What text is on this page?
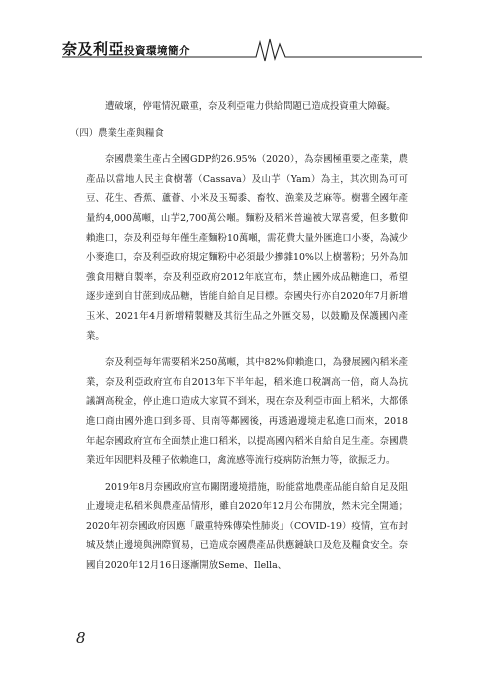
奈及利亞投資環境簡介

遭破壞，停電情況嚴重，奈及利亞電力供給問題已造成投資重大障礙。

（四）農業生產與糧食

奈國農業生產占全國GDP約26.95%（2020），為奈國極重要之產業，農產品以當地人民主食樹薯（Cassava）及山芋（Yam）為主，其次則為可可豆、花生、香蕉、蘆薈、小米及玉蜀黍、畜牧、漁業及芝麻等。樹薯全國年產量約4,000萬噸，山芋2,700萬公噸。麵粉及稻米普遍被大眾喜愛，但多數仰賴進口，奈及利亞每年僅生產麵粉10萬噸，需花費大量外匯進口小麥，為減少小麥進口，奈及利亞政府規定麵粉中必須最少摻雜10%以上樹薯粉；另外為加強食用糖自製率，奈及利亞政府2012年底宣布，禁止國外成品糖進口，希望逐步達到自甘蔗到成品糖，皆能自給自足目標。奈國央行亦自2020年7月新增玉米、2021年4月新增精製糖及其衍生品之外匯交易，以鼓勵及保護國內產業。

奈及利亞每年需要稻米250萬噸，其中82%仰賴進口，為發展國內稻米產業，奈及利亞政府宣布自2013年下半年起，稻米進口稅調高一倍，商人為抗議調高稅金，停止進口造成大家買不到米，現在奈及利亞市面上稻米，大都係進口商由國外進口到多哥、貝南等鄰國後，再透過邊境走私進口而來，2018年起奈國政府宣布全面禁止進口稻米，以提高國內稻米自給自足生產。奈國農業近年因肥料及種子依賴進口，禽流感等流行疫病防治無力等，欲振乏力。

2019年8月奈國政府宣布關閉邊境措施，盼能當地農產品能自給自足及阻止邊境走私稻米與農產品情形，雖自2020年12月公布開放，然未完全開通；2020年初奈國政府因應「嚴重特殊傳染性肺炎」（COVID-19）疫情，宣布封城及禁止邊境與洲際貿易，已造成奈國農產品供應鏈缺口及危及糧食安全。奈國自2020年12月16日逐漸開放Seme、Ilella、

8
